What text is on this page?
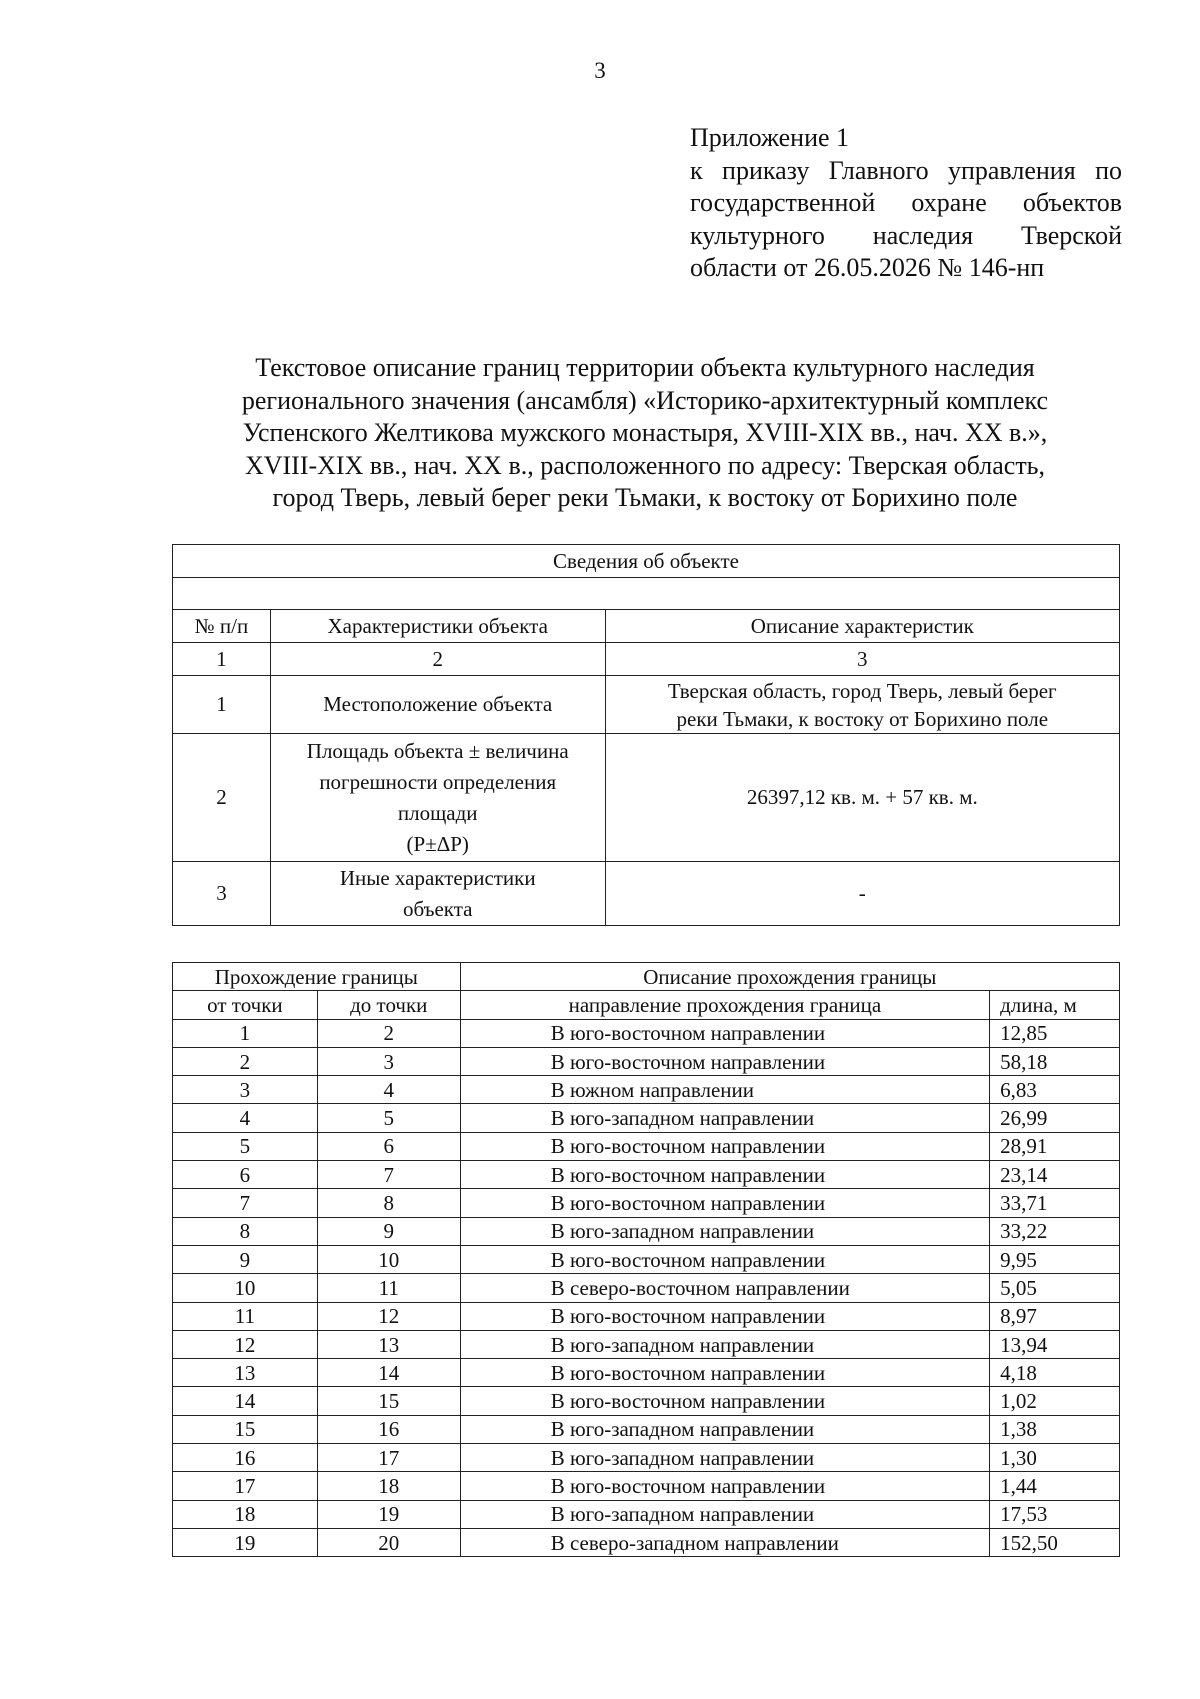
3
Приложение 1
к приказу Главного управления по
государственной охране объектов
культурного наследия Тверской
области от 26.05.2026 № 146-нп
Текстовое описание границ территории объекта культурного наследия
регионального значения (ансамбля) «Историко-архитектурный комплекс
Успенского Желтикова мужского монастыря, XVIII-XIX вв., нач. XX в.»,
XVIII-XIX вв., нач. XX в., расположенного по адресу: Тверская область,
город Тверь, левый берег реки Тьмаки, к востоку от Борихино поле
Сведения об объекте		

№ п/п	Характеристики объекта	Описание характеристик
1	2	3
1	Местоположение объекта	Тверская область, город Тверь, левый берег
реки Тьмаки, к востоку от Борихино поле

2	Площадь объекта ± величина
погрешности определения
площади
(P±ΔP)	26397,12 кв. м. + 57 кв. м.

3	Иные характеристики
объекта	-
Прохождение границы		Описание прохождения границы	
от точки	до точки	направление прохождения граница	длина, м
1	2	В юго-восточном направлении	12,85
2	3	В юго-восточном направлении	58,18
3	4	В южном направлении	6,83
4	5	В юго-западном направлении	26,99
5	6	В юго-восточном направлении	28,91
6	7	В юго-восточном направлении	23,14
7	8	В юго-восточном направлении	33,71
8	9	В юго-западном направлении	33,22
9	10	В юго-восточном направлении	9,95
10	11	В северо-восточном направлении	5,05
11	12	В юго-восточном направлении	8,97
12	13	В юго-западном направлении	13,94
13	14	В юго-восточном направлении	4,18
14	15	В юго-восточном направлении	1,02
15	16	В юго-западном направлении	1,38
16	17	В юго-западном направлении	1,30
17	18	В юго-восточном направлении	1,44
18	19	В юго-западном направлении	17,53
19	20	В северо-западном направлении	152,50
